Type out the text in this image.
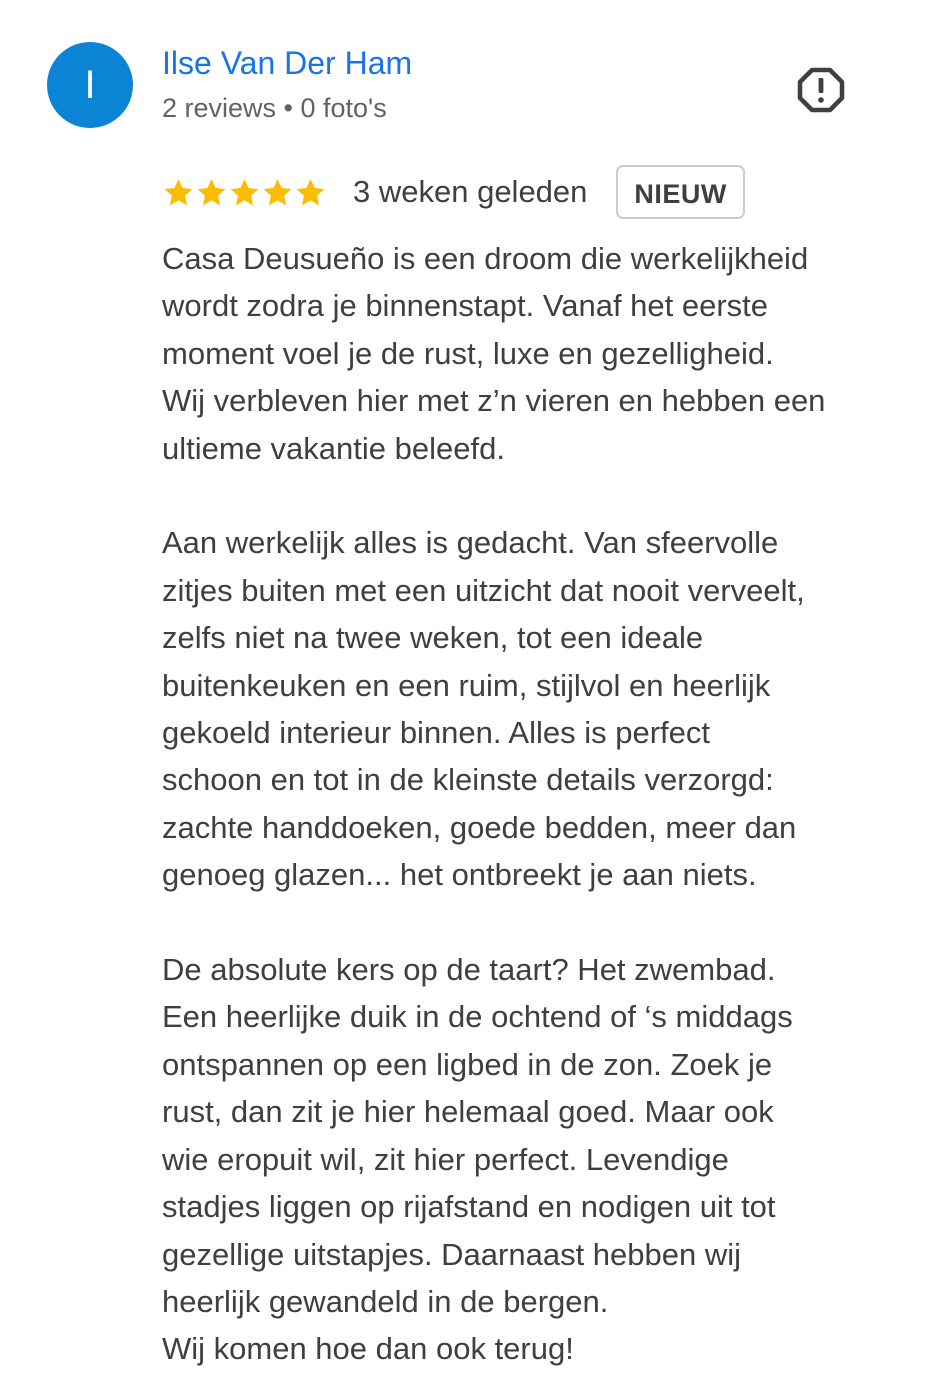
I	Ilse Van Der Ham
2 reviews • 0 foto's
3 weken geleden	NIEUW

Casa Deusueño is een droom die werkelijkheid
wordt zodra je binnenstapt. Vanaf het eerste
moment voel je de rust, luxe en gezelligheid.
Wij verbleven hier met z’n vieren en hebben een
ultieme vakantie beleefd.

Aan werkelijk alles is gedacht. Van sfeervolle
zitjes buiten met een uitzicht dat nooit verveelt,
zelfs niet na twee weken, tot een ideale
buitenkeuken en een ruim, stijlvol en heerlijk
gekoeld interieur binnen. Alles is perfect
schoon en tot in de kleinste details verzorgd:
zachte handdoeken, goede bedden, meer dan
genoeg glazen... het ontbreekt je aan niets.

De absolute kers op de taart? Het zwembad.
Een heerlijke duik in de ochtend of ‘s middags
ontspannen op een ligbed in de zon. Zoek je
rust, dan zit je hier helemaal goed. Maar ook
wie eropuit wil, zit hier perfect. Levendige
stadjes liggen op rijafstand en nodigen uit tot
gezellige uitstapjes. Daarnaast hebben wij
heerlijk gewandeld in de bergen.
Wij komen hoe dan ook terug!
